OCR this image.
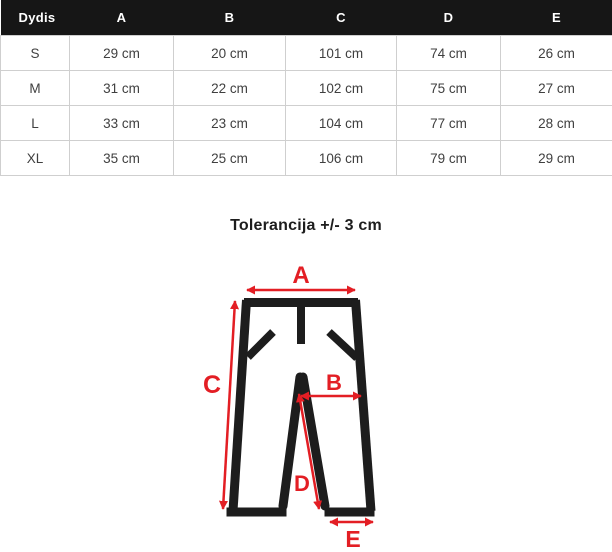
Dydis	A	B	C	D	E
S	29 cm	20 cm	101 cm	74 cm	26 cm
M	31 cm	22 cm	102 cm	75 cm	27 cm
L	33 cm	23 cm	104 cm	77 cm	28 cm
XL	35 cm	25 cm	106 cm	79 cm	29 cm
Tolerancija +/- 3 cm
A
B
C
D
E
